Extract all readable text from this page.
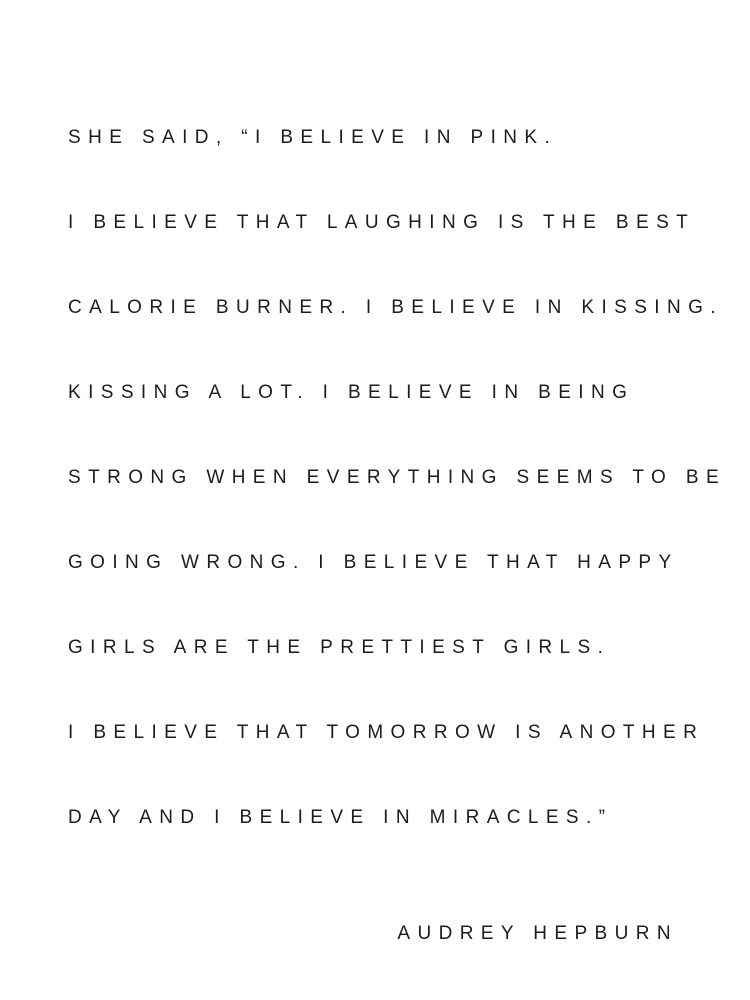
SHE SAID, “I BELIEVE IN PINK.
I BELIEVE THAT LAUGHING IS THE BEST
CALORIE BURNER. I BELIEVE IN KISSING.
KISSING A LOT. I BELIEVE IN BEING
STRONG WHEN EVERYTHING SEEMS TO BE
GOING WRONG. I BELIEVE THAT HAPPY
GIRLS ARE THE PRETTIEST GIRLS.
I BELIEVE THAT TOMORROW IS ANOTHER
DAY AND I BELIEVE IN MIRACLES.”
AUDREY HEPBURN
